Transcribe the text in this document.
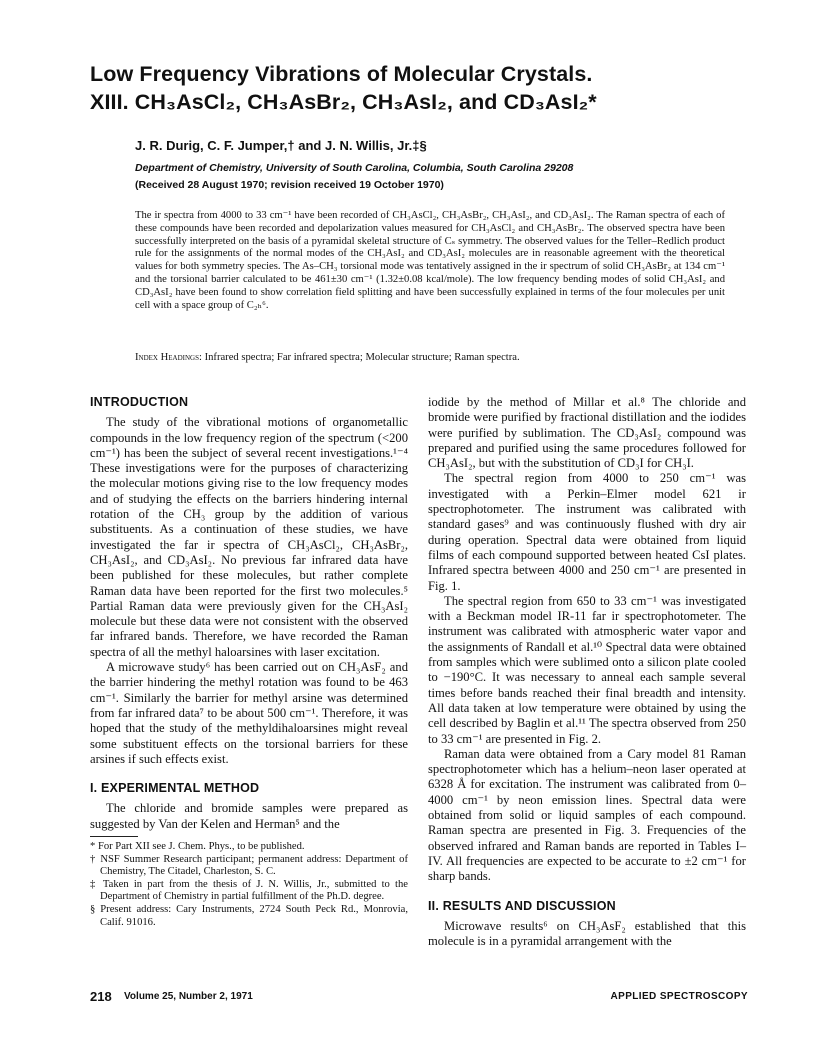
Low Frequency Vibrations of Molecular Crystals.
XIII. CH₃AsCl₂, CH₃AsBr₂, CH₃AsI₂, and CD₃AsI₂*
J. R. Durig, C. F. Jumper,† and J. N. Willis, Jr.‡§
Department of Chemistry, University of South Carolina, Columbia, South Carolina 29208
(Received 28 August 1970; revision received 19 October 1970)

The ir spectra from 4000 to 33 cm⁻¹ have been recorded of CH₃AsCl₂, CH₃AsBr₂, CH₃AsI₂, and CD₃AsI₂. The Raman spectra of each of these compounds have been recorded and depolarization values measured for CH₃AsCl₂ and CH₃AsBr₂. The observed spectra have been successfully interpreted on the basis of a pyramidal skeletal structure of Cₛ symmetry. The observed values for the Teller–Redlich product rule for the assignments of the normal modes of the CH₃AsI₂ and CD₃AsI₂ molecules are in reasonable agreement with the theoretical values for both symmetry species. The As–CH₃ torsional mode was tentatively assigned in the ir spectrum of solid CH₃AsBr₂ at 134 cm⁻¹ and the torsional barrier calculated to be 461±30 cm⁻¹ (1.32±0.08 kcal/mole). The low frequency bending modes of solid CH₃AsI₂ and CD₃AsI₂ have been found to show correlation field splitting and have been successfully explained in terms of the four molecules per unit cell with a space group of C₂ₕ⁶.

Index Headings: Infrared spectra; Far infrared spectra; Molecular structure; Raman spectra.
INTRODUCTION

The study of the vibrational motions of organometallic compounds in the low frequency region of the spectrum (<200 cm⁻¹) has been the subject of several recent investigations.¹⁻⁴ These investigations were for the purposes of characterizing the molecular motions giving rise to the low frequency modes and of studying the effects on the barriers hindering internal rotation of the CH₃ group by the addition of various substituents. As a continuation of these studies, we have investigated the far ir spectra of CH₃AsCl₂, CH₃AsBr₂, CH₃AsI₂, and CD₃AsI₂. No previous far infrared data have been published for these molecules, but rather complete Raman data have been reported for the first two molecules.⁵ Partial Raman data were previously given for the CH₃AsI₂ molecule but these data were not consistent with the observed far infrared bands. Therefore, we have recorded the Raman spectra of all the methyl haloarsines with laser excitation.

A microwave study⁶ has been carried out on CH₃AsF₂ and the barrier hindering the methyl rotation was found to be 463 cm⁻¹. Similarly the barrier for methyl arsine was determined from far infrared data⁷ to be about 500 cm⁻¹. Therefore, it was hoped that the study of the methyldihaloarsines might reveal some substituent effects on the torsional barriers for these arsines if such effects exist.

I. EXPERIMENTAL METHOD

The chloride and bromide samples were prepared as suggested by Van der Kelen and Herman⁵ and the

* For Part XII see J. Chem. Phys., to be published.

† NSF Summer Research participant; permanent address: Department of Chemistry, The Citadel, Charleston, S. C.

‡ Taken in part from the thesis of J. N. Willis, Jr., submitted to the Department of Chemistry in partial fulfillment of the Ph.D. degree.

§ Present address: Cary Instruments, 2724 South Peck Rd., Monrovia, Calif. 91016.

iodide by the method of Millar et al.⁸ The chloride and bromide were purified by fractional distillation and the iodides were purified by sublimation. The CD₃AsI₂ compound was prepared and purified using the same procedures followed for CH₃AsI₂, but with the substitution of CD₃I for CH₃I.

The spectral region from 4000 to 250 cm⁻¹ was investigated with a Perkin–Elmer model 621 ir spectrophotometer. The instrument was calibrated with standard gases⁹ and was continuously flushed with dry air during operation. Spectral data were obtained from liquid films of each compound supported between heated CsI plates. Infrared spectra between 4000 and 250 cm⁻¹ are presented in Fig. 1.

The spectral region from 650 to 33 cm⁻¹ was investigated with a Beckman model IR-11 far ir spectrophotometer. The instrument was calibrated with atmospheric water vapor and the assignments of Randall et al.¹⁰ Spectral data were obtained from samples which were sublimed onto a silicon plate cooled to −190°C. It was necessary to anneal each sample several times before bands reached their final breadth and intensity. All data taken at low temperature were obtained by using the cell described by Baglin et al.¹¹ The spectra observed from 250 to 33 cm⁻¹ are presented in Fig. 2.

Raman data were obtained from a Cary model 81 Raman spectrophotometer which has a helium–neon laser operated at 6328 Å for excitation. The instrument was calibrated from 0–4000 cm⁻¹ by neon emission lines. Spectral data were obtained from solid or liquid samples of each compound. Raman spectra are presented in Fig. 3. Frequencies of the observed infrared and Raman bands are reported in Tables I–IV. All frequencies are expected to be accurate to ±2 cm⁻¹ for sharp bands.

II. RESULTS AND DISCUSSION

Microwave results⁶ on CH₃AsF₂ established that this molecule is in a pyramidal arrangement with the

218 Volume 25, Number 2, 1971	APPLIED SPECTROSCOPY
